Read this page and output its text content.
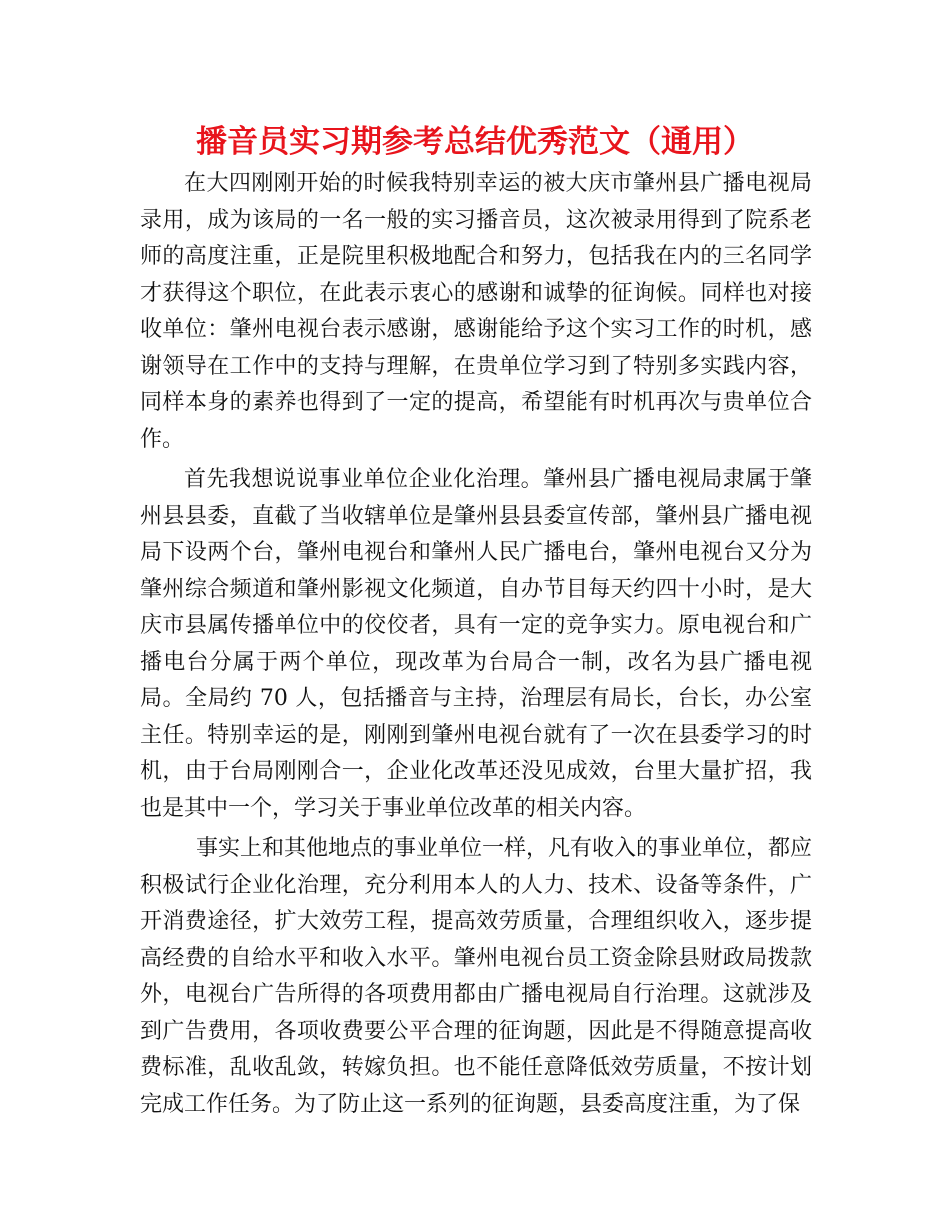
播音员实习期参考总结优秀范文（通用）

在大四刚刚开始的时候我特别幸运的被大庆市肇州县广播电视局录用，成为该局的一名一般的实习播音员，这次被录用得到了院系老师的高度注重，正是院里积极地配合和努力，包括我在内的三名同学才获得这个职位，在此表示衷心的感谢和诚挚的征询候。同样也对接收单位：肇州电视台表示感谢，感谢能给予这个实习工作的时机，感谢领导在工作中的支持与理解，在贵单位学习到了特别多实践内容，同样本身的素养也得到了一定的提高，希望能有时机再次与贵单位合作。

首先我想说说事业单位企业化治理。肇州县广播电视局隶属于肇州县县委，直截了当收辖单位是肇州县县委宣传部，肇州县广播电视局下设两个台，肇州电视台和肇州人民广播电台，肇州电视台又分为肇州综合频道和肇州影视文化频道，自办节目每天约四十小时，是大庆市县属传播单位中的佼佼者，具有一定的竞争实力。原电视台和广播电台分属于两个单位，现改革为台局合一制，改名为县广播电视局。全局约 70 人，包括播音与主持，治理层有局长，台长，办公室主任。特别幸运的是，刚刚到肇州电视台就有了一次在县委学习的时机，由于台局刚刚合一，企业化改革还没见成效，台里大量扩招，我也是其中一个，学习关于事业单位改革的相关内容。

事实上和其他地点的事业单位一样，凡有收入的事业单位，都应积极试行企业化治理，充分利用本人的人力、技术、设备等条件，广开消费途径，扩大效劳工程，提高效劳质量，合理组织收入，逐步提高经费的自给水平和收入水平。肇州电视台员工资金除县财政局拨款外，电视台广告所得的各项费用都由广播电视局自行治理。这就涉及到广告费用，各项收费要公平合理的征询题，因此是不得随意提高收费标准，乱收乱敛，转嫁负担。也不能任意降低效劳质量，不按计划完成工作任务。为了防止这一系列的征询题，县委高度注重，为了保
